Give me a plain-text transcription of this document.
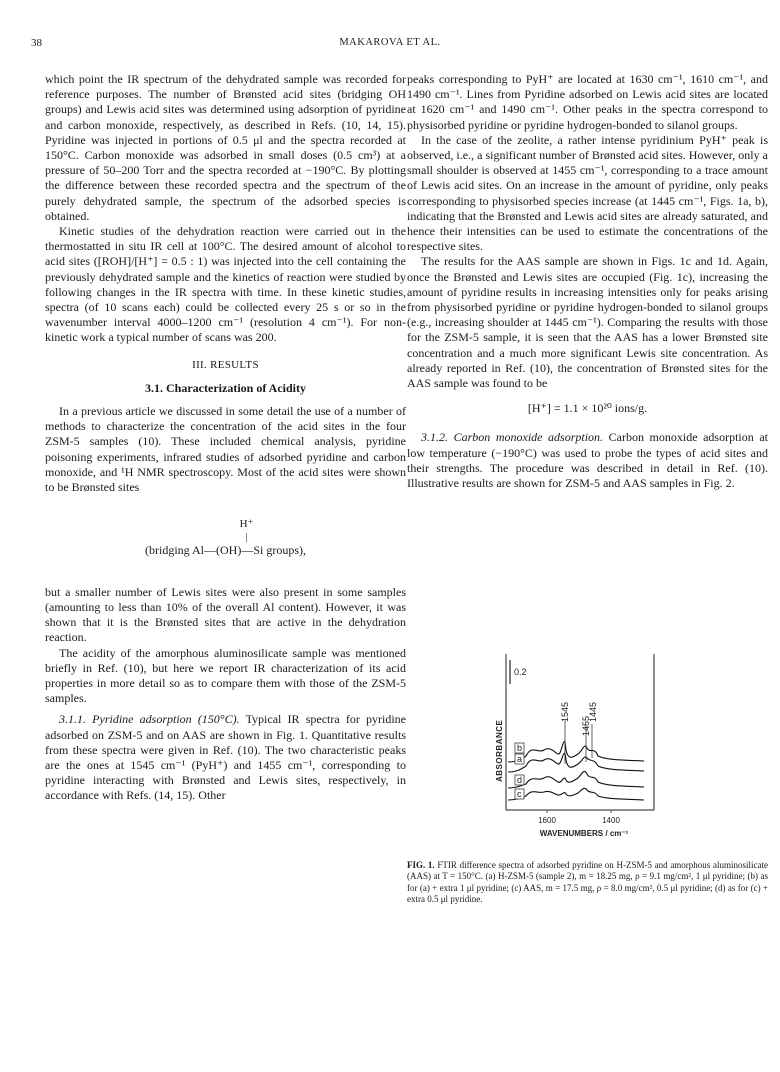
38	MAKAROVA ET AL.

which point the IR spectrum of the dehydrated sample was recorded for reference purposes. The number of Brønsted acid sites (bridging OH groups) and Lewis acid sites was determined using adsorption of pyridine and carbon monoxide, respectively, as described in Refs. (10, 14, 15). Pyridine was injected in portions of 0.5 μl and the spectra recorded at 150°C. Carbon monoxide was adsorbed in small doses (0.5 cm³) at a pressure of 50–200 Torr and the spectra recorded at −190°C. By plotting the difference between these recorded spectra and the spectrum of the purely dehydrated sample, the spectrum of the adsorbed species is obtained.

Kinetic studies of the dehydration reaction were carried out in the thermostatted in situ IR cell at 100°C. The desired amount of alcohol to acid sites ([ROH]/[H⁺] = 0.5 : 1) was injected into the cell containing the previously dehydrated sample and the kinetics of reaction were studied by following changes in the IR spectra with time. In these kinetic studies, spectra (of 10 scans each) could be collected every 25 s or so in the wavenumber interval 4000–1200 cm⁻¹ (resolution 4 cm⁻¹). For non-kinetic work a typical number of scans was 200.

III. RESULTS
3.1. Characterization of Acidity

In a previous article we discussed in some detail the use of a number of methods to characterize the concentration of the acid sites in the four ZSM-5 samples (10). These included chemical analysis, pyridine poisoning experiments, infrared studies of adsorbed pyridine and carbon monoxide, and ¹H NMR spectroscopy. Most of the acid sites were shown to be Brønsted sites

H⁺
|
(bridging Al—(OH)—Si groups),

but a smaller number of Lewis sites were also present in some samples (amounting to less than 10% of the overall Al content). However, it was shown that it is the Brønsted sites that are active in the dehydration reaction.

The acidity of the amorphous aluminosilicate sample was mentioned briefly in Ref. (10), but here we report IR characterization of its acid properties in more detail so as to compare them with those of the ZSM-5 samples.

3.1.1. Pyridine adsorption (150°C). Typical IR spectra for pyridine adsorbed on ZSM-5 and on AAS are shown in Fig. 1. Quantitative results from these spectra were given in Ref. (10). The two characteristic peaks are the ones at 1545 cm⁻¹ (PyH⁺) and 1455 cm⁻¹, corresponding to pyridine interacting with Brønsted and Lewis sites, respectively, in accordance with Refs. (14, 15). Other

peaks corresponding to PyH⁺ are located at 1630 cm⁻¹, 1610 cm⁻¹, and 1490 cm⁻¹. Lines from Pyridine adsorbed on Lewis acid sites are located at 1620 cm⁻¹ and 1490 cm⁻¹. Other peaks in the spectra correspond to physisorbed pyridine or pyridine hydrogen-bonded to silanol groups.

In the case of the zeolite, a rather intense pyridinium PyH⁺ peak is observed, i.e., a significant number of Brønsted acid sites. However, only a small shoulder is observed at 1455 cm⁻¹, corresponding to a trace amount of Lewis acid sites. On an increase in the amount of pyridine, only peaks corresponding to physisorbed species increase (at 1445 cm⁻¹, Figs. 1a, b), indicating that the Brønsted and Lewis acid sites are already saturated, and hence their intensities can be used to estimate the concentrations of the respective sites.

The results for the AAS sample are shown in Figs. 1c and 1d. Again, once the Brønsted and Lewis sites are occupied (Fig. 1c), increasing the amount of pyridine results in increasing intensities only for peaks arising from physisorbed pyridine or pyridine hydrogen-bonded to silanol groups (e.g., increasing shoulder at 1445 cm⁻¹). Comparing the results with those for the ZSM-5 sample, it is seen that the AAS has a lower Brønsted site concentration and a much more significant Lewis site concentration. As already reported in Ref. (10), the concentration of Brønsted sites for the AAS sample was found to be

[H⁺] = 1.1 × 10²⁰ ions/g.

3.1.2. Carbon monoxide adsorption. Carbon monoxide adsorption at low temperature (−190°C) was used to probe the types of acid sites and their strengths. The procedure was described in detail in Ref. (10). Illustrative results are shown for ZSM-5 and AAS samples in Fig. 2.

0.2
1545
1455
1445
b
a
d
c
ABSORBANCE
1600	1400
WAVENUMBERS / cm⁻¹
FIG. 1. FTIR difference spectra of adsorbed pyridine on H-ZSM-5 and amorphous aluminosilicate (AAS) at T = 150°C. (a) H-ZSM-5 (sample 2), m = 18.25 mg, ρ = 9.1 mg/cm², 1 μl pyridine; (b) as for (a) + extra 1 μl pyridine; (c) AAS, m = 17.5 mg, ρ = 8.0 mg/cm², 0.5 μl pyridine; (d) as for (c) + extra 0.5 μl pyridine.
